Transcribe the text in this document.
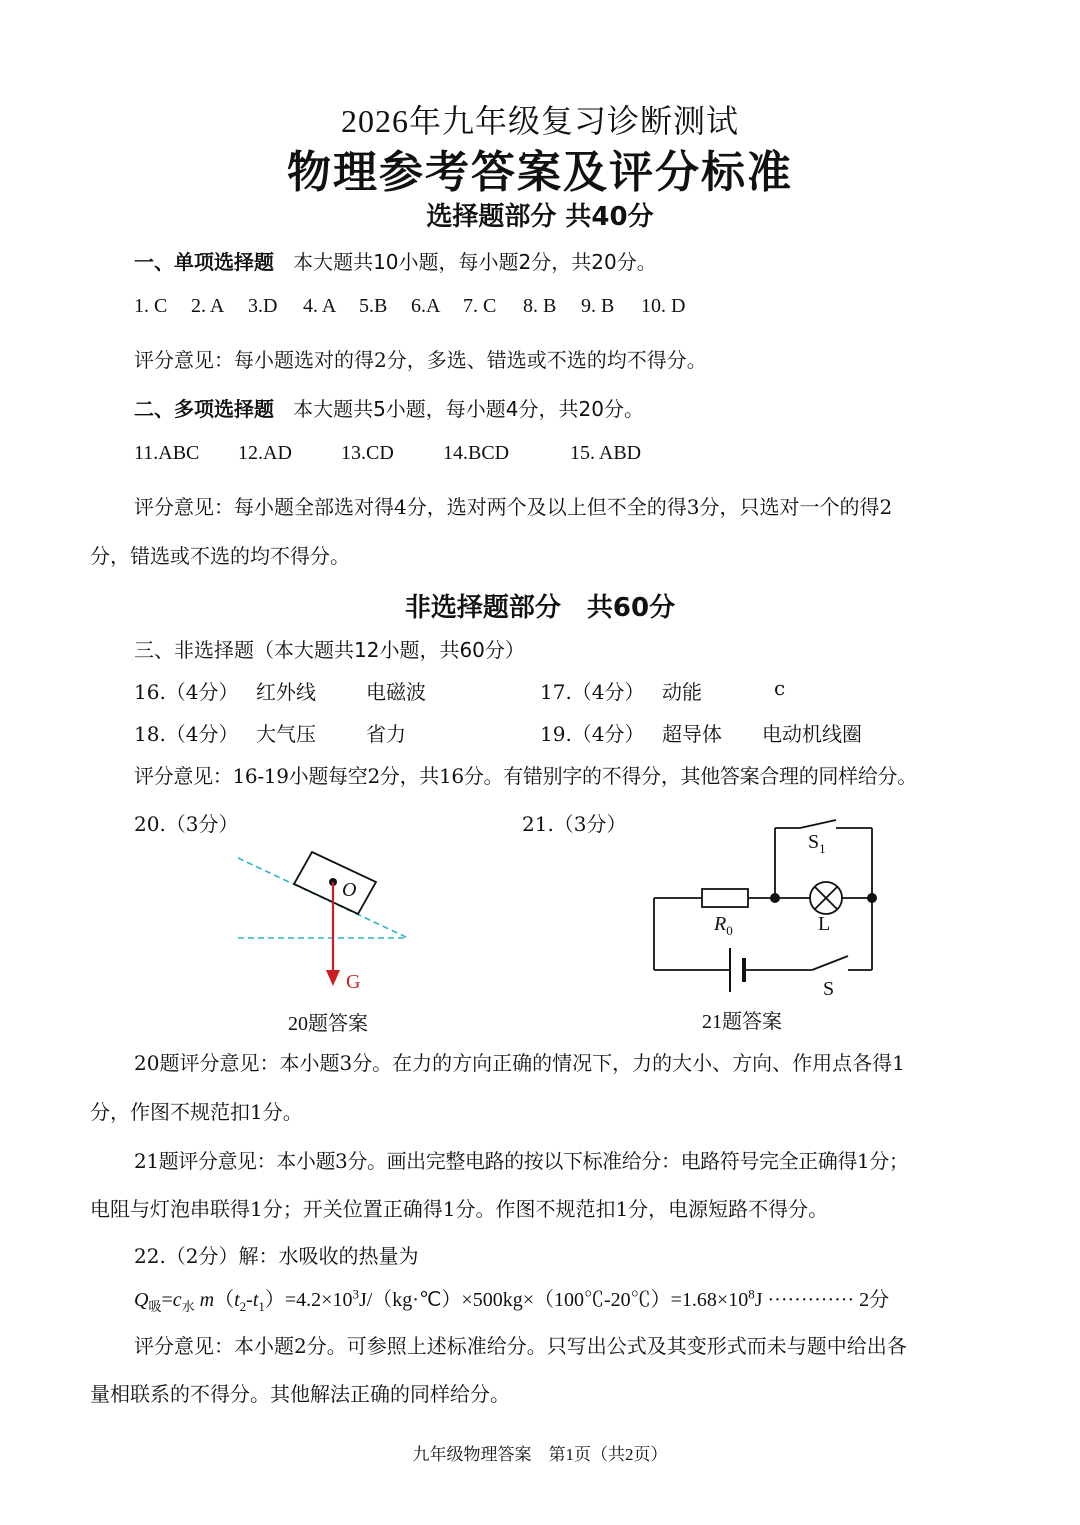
2026年九年级复习诊断测试
物理参考答案及评分标准
选择题部分 共40分
一、单项选择题 本大题共10小题，每小题2分，共20分。
1. C	2. A	3.D	4. A	5.B	6.A	7. C	8. B	9. B	10. D
评分意见：每小题选对的得2分，多选、错选或不选的均不得分。
二、多项选择题 本大题共5小题，每小题4分，共20分。
11.ABC	12.AD	13.CD	14.BCD	15. ABD
评分意见：每小题全部选对得4分，选对两个及以上但不全的得3分，只选对一个的得2
分，错选或不选的均不得分。
非选择题部分　共60分
三、非选择题（本大题共12小题，共60分）
16.（4分） 红外线	电磁波	17.（4分） 动能	c
18.（4分） 大气压	省力	19.（4分） 超导体	电动机线圈
评分意见：16-19小题每空2分，共16分。有错别字的不得分，其他答案合理的同样给分。
20.（3分）	21.（3分）
O
G
20题答案
$S_1$
$R_0$	L
S
21题答案
20题评分意见：本小题3分。在力的方向正确的情况下，力的大小、方向、作用点各得1
分，作图不规范扣1分。
21题评分意见：本小题3分。画出完整电路的按以下标准给分：电路符号完全正确得1分；
电阻与灯泡串联得1分；开关位置正确得1分。作图不规范扣1分，电源短路不得分。
22.（2分）解：水吸收的热量为
$Q_吸=c_水$ $m(t_2-t_1)=4.2\times 10^3J/(kg\cdot℃)\times 500kg\times(100℃-20℃)=1.68\times 10^8J$ ············· 2分
评分意见：本小题2分。可参照上述标准给分。只写出公式及其变形式而未与题中给出各
量相联系的不得分。其他解法正确的同样给分。
九年级物理答案　第1页（共2页）
